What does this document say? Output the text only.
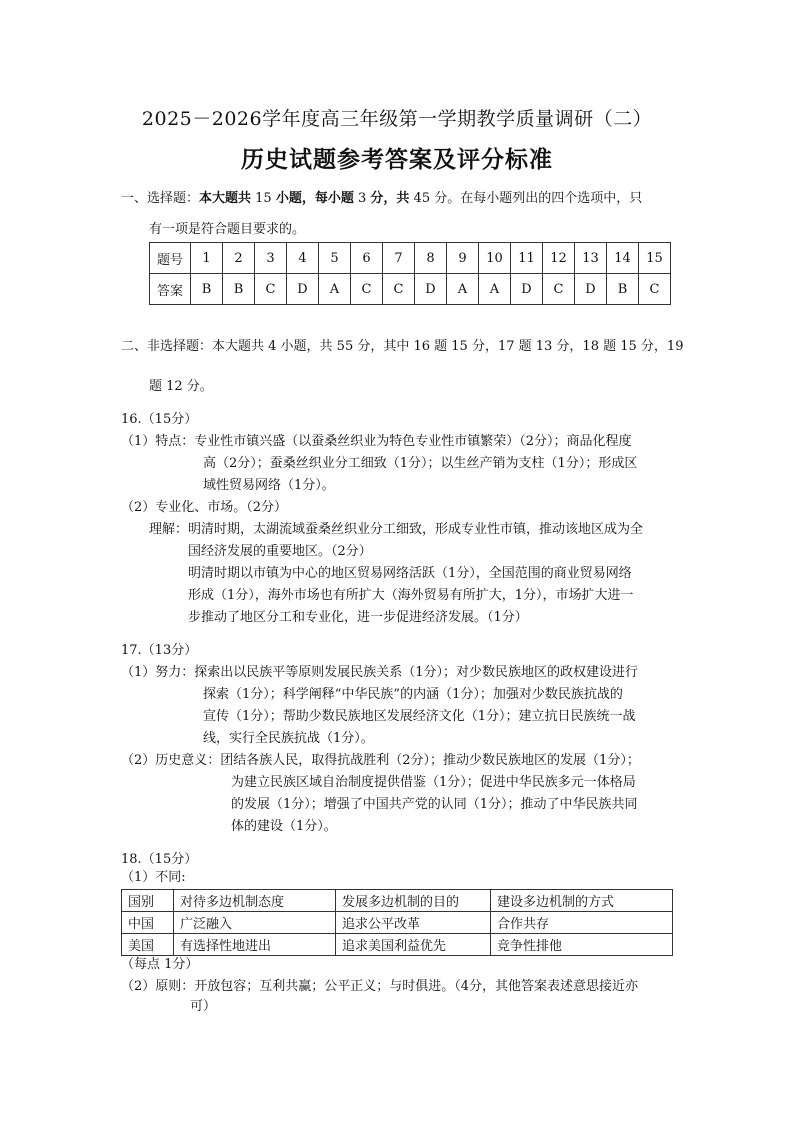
2025－2026学年度高三年级第一学期教学质量调研（二）
历史试题参考答案及评分标准
一、选择题：本大题共 15 小题，每小题 3 分，共 45 分。在每小题列出的四个选项中，只
有一项是符合题目要求的。
题号	1	2	3	4	5	6	7	8	9	10	11	12	13	14	15
答案	B	B	C	D	A	C	C	D	A	A	D	C	D	B	C
二、非选择题：本大题共 4 小题，共 55 分，其中 16 题 15 分，17 题 13 分，18 题 15 分，19
题 12 分。
16.（15分）
（1）特点：专业性市镇兴盛（以蚕桑丝织业为特色专业性市镇繁荣）（2分）；商品化程度
高（2分）；蚕桑丝织业分工细致（1分）；以生丝产销为支柱（1分）；形成区
域性贸易网络（1分）。
（2）专业化、市场。（2分）
理解：明清时期，太湖流域蚕桑丝织业分工细致，形成专业性市镇，推动该地区成为全
国经济发展的重要地区。（2分）
明清时期以市镇为中心的地区贸易网络活跃（1分），全国范围的商业贸易网络
形成（1分），海外市场也有所扩大（海外贸易有所扩大，1分），市场扩大进一
步推动了地区分工和专业化，进一步促进经济发展。（1分）
17.（13分）
（1）努力：探索出以民族平等原则发展民族关系（1分）；对少数民族地区的政权建设进行
探索（1分）；科学阐释“中华民族”的内涵（1分）；加强对少数民族抗战的
宣传（1分）；帮助少数民族地区发展经济文化（1分）；建立抗日民族统一战
线，实行全民族抗战（1分）。
（2）历史意义：团结各族人民，取得抗战胜利（2分）；推动少数民族地区的发展（1分）；
为建立民族区域自治制度提供借鉴（1分）；促进中华民族多元一体格局
的发展（1分）；增强了中国共产党的认同（1分）；推动了中华民族共同
体的建设（1分）。
18.（15分）
（1）不同:
国别	对待多边机制态度	发展多边机制的目的	建设多边机制的方式
中国	广泛融入	追求公平改革	合作共存
美国	有选择性地进出	追求美国利益优先	竞争性排他
（每点 1分）
（2）原则：开放包容；互利共赢；公平正义；与时俱进。（4分，其他答案表述意思接近亦
可）
